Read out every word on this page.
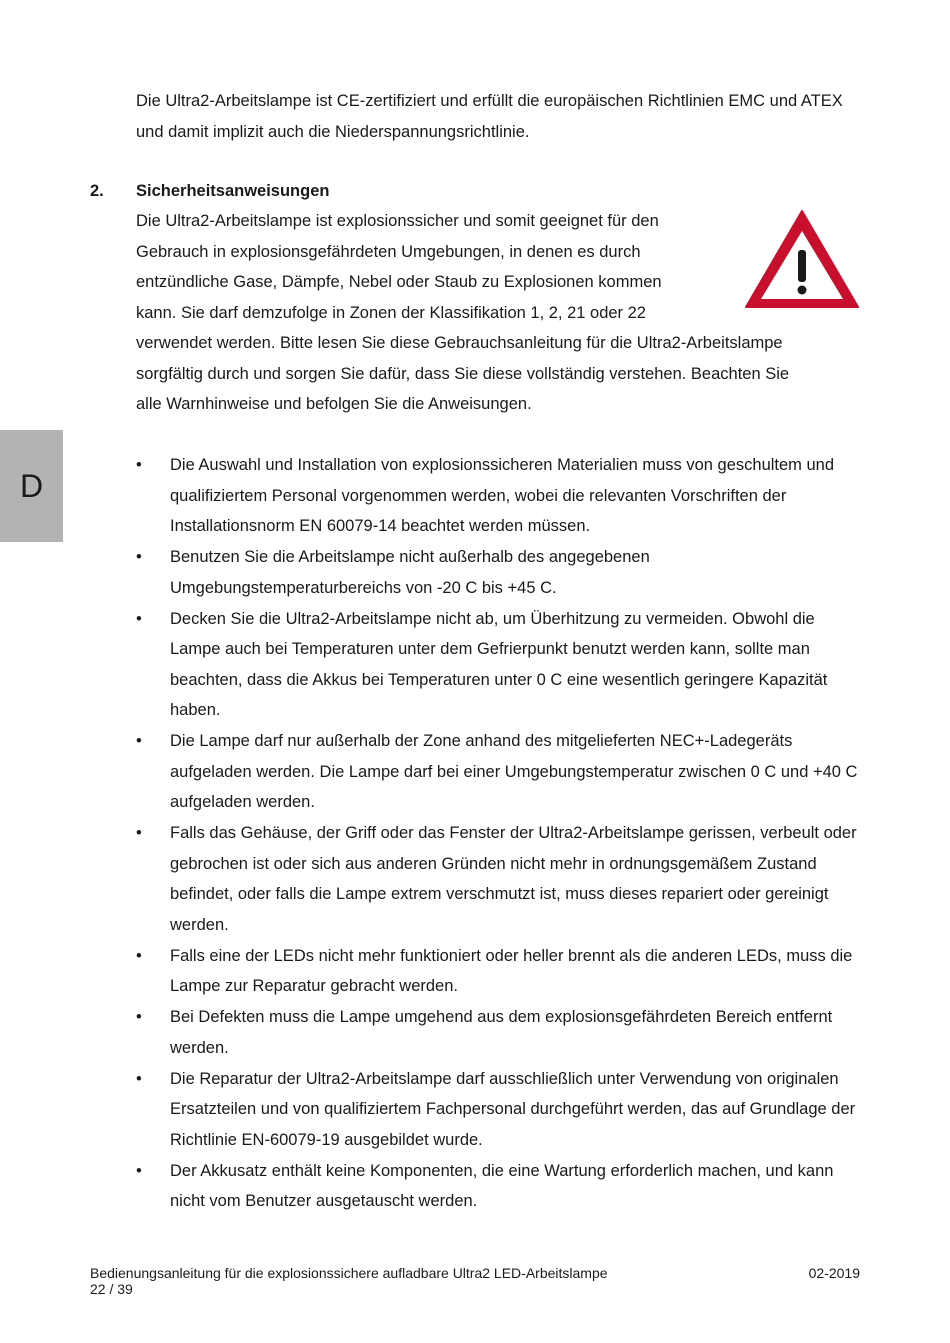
Die Ultra2-Arbeitslampe ist CE-zertifiziert und erfüllt die europäischen Richtlinien EMC und ATEX und damit implizit auch die Niederspannungsrichtlinie.

2. Sicherheitsanweisungen

Die Ultra2-Arbeitslampe ist explosionssicher und somit geeignet für den
Gebrauch in explosionsgefährdeten Umgebungen, in denen es durch
entzündliche Gase, Dämpfe, Nebel oder Staub zu Explosionen kommen
kann. Sie darf demzufolge in Zonen der Klassifikation 1, 2, 21 oder 22
verwendet werden. Bitte lesen Sie diese Gebrauchsanleitung für die Ultra2-Arbeitslampe
sorgfältig durch und sorgen Sie dafür, dass Sie diese vollständig verstehen. Beachten Sie
alle Warnhinweise und befolgen Sie die Anweisungen.

D
• Die Auswahl und Installation von explosionssicheren Materialien muss von geschultem und qualifiziertem Personal vorgenommen werden, wobei die relevanten Vorschriften der Installationsnorm EN 60079-14 beachtet werden müssen.
• Benutzen Sie die Arbeitslampe nicht außerhalb des angegebenen Umgebungstemperaturbereichs von -20 C bis +45 C.
• Decken Sie die Ultra2-Arbeitslampe nicht ab, um Überhitzung zu vermeiden. Obwohl die Lampe auch bei Temperaturen unter dem Gefrierpunkt benutzt werden kann, sollte man beachten, dass die Akkus bei Temperaturen unter 0 C eine wesentlich geringere Kapazität haben.
• Die Lampe darf nur außerhalb der Zone anhand des mitgelieferten NEC+-Ladegeräts aufgeladen werden. Die Lampe darf bei einer Umgebungstemperatur zwischen 0 C und +40 C aufgeladen werden.
• Falls das Gehäuse, der Griff oder das Fenster der Ultra2-Arbeitslampe gerissen, verbeult oder gebrochen ist oder sich aus anderen Gründen nicht mehr in ordnungsgemäßem Zustand befindet, oder falls die Lampe extrem verschmutzt ist, muss dieses repariert oder gereinigt werden.
• Falls eine der LEDs nicht mehr funktioniert oder heller brennt als die anderen LEDs, muss die Lampe zur Reparatur gebracht werden.
• Bei Defekten muss die Lampe umgehend aus dem explosionsgefährdeten Bereich entfernt werden.
• Die Reparatur der Ultra2-Arbeitslampe darf ausschließlich unter Verwendung von originalen Ersatzteilen und von qualifiziertem Fachpersonal durchgeführt werden, das auf Grundlage der Richtlinie EN-60079-19 ausgebildet wurde.
• Der Akkusatz enthält keine Komponenten, die eine Wartung erforderlich machen, und kann nicht vom Benutzer ausgetauscht werden.
Bedienungsanleitung für die explosionssichere aufladbare Ultra2 LED-Arbeitslampe	02-2019
22 / 39
